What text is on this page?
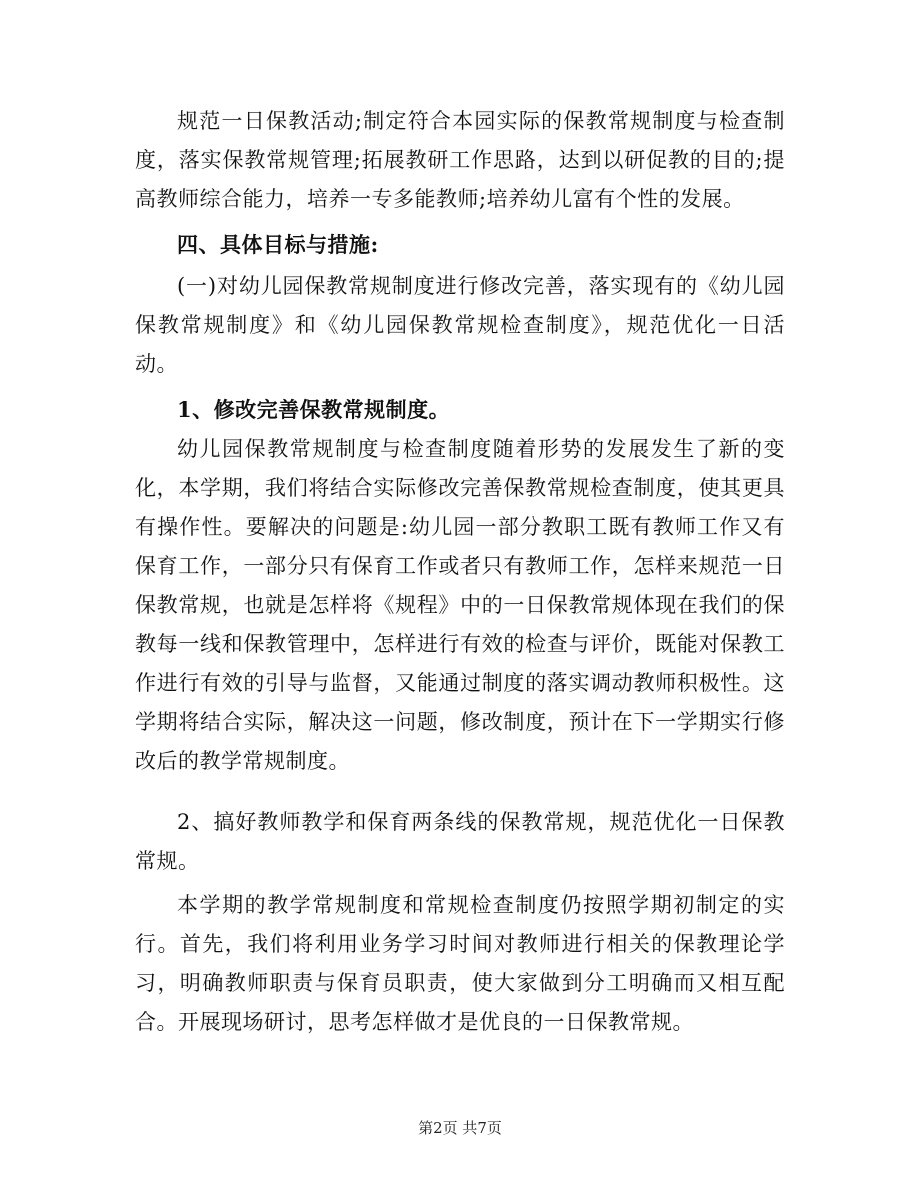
规范一日保教活动;制定符合本园实际的保教常规制度与检查制度，落实保教常规管理;拓展教研工作思路，达到以研促教的目的;提高教师综合能力，培养一专多能教师;培养幼儿富有个性的发展。

四、具体目标与措施:

(一)对幼儿园保教常规制度进行修改完善，落实现有的《幼儿园保教常规制度》和《幼儿园保教常规检查制度》，规范优化一日活动。

1、修改完善保教常规制度。

幼儿园保教常规制度与检查制度随着形势的发展发生了新的变化，本学期，我们将结合实际修改完善保教常规检查制度，使其更具有操作性。要解决的问题是:幼儿园一部分教职工既有教师工作又有保育工作，一部分只有保育工作或者只有教师工作，怎样来规范一日保教常规，也就是怎样将《规程》中的一日保教常规体现在我们的保教每一线和保教管理中，怎样进行有效的检查与评价，既能对保教工作进行有效的引导与监督，又能通过制度的落实调动教师积极性。这学期将结合实际，解决这一问题，修改制度，预计在下一学期实行修改后的教学常规制度。

2、搞好教师教学和保育两条线的保教常规，规范优化一日保教常规。

本学期的教学常规制度和常规检查制度仍按照学期初制定的实行。首先，我们将利用业务学习时间对教师进行相关的保教理论学习，明确教师职责与保育员职责，使大家做到分工明确而又相互配合。开展现场研讨，思考怎样做才是优良的一日保教常规。

第2页 共7页
